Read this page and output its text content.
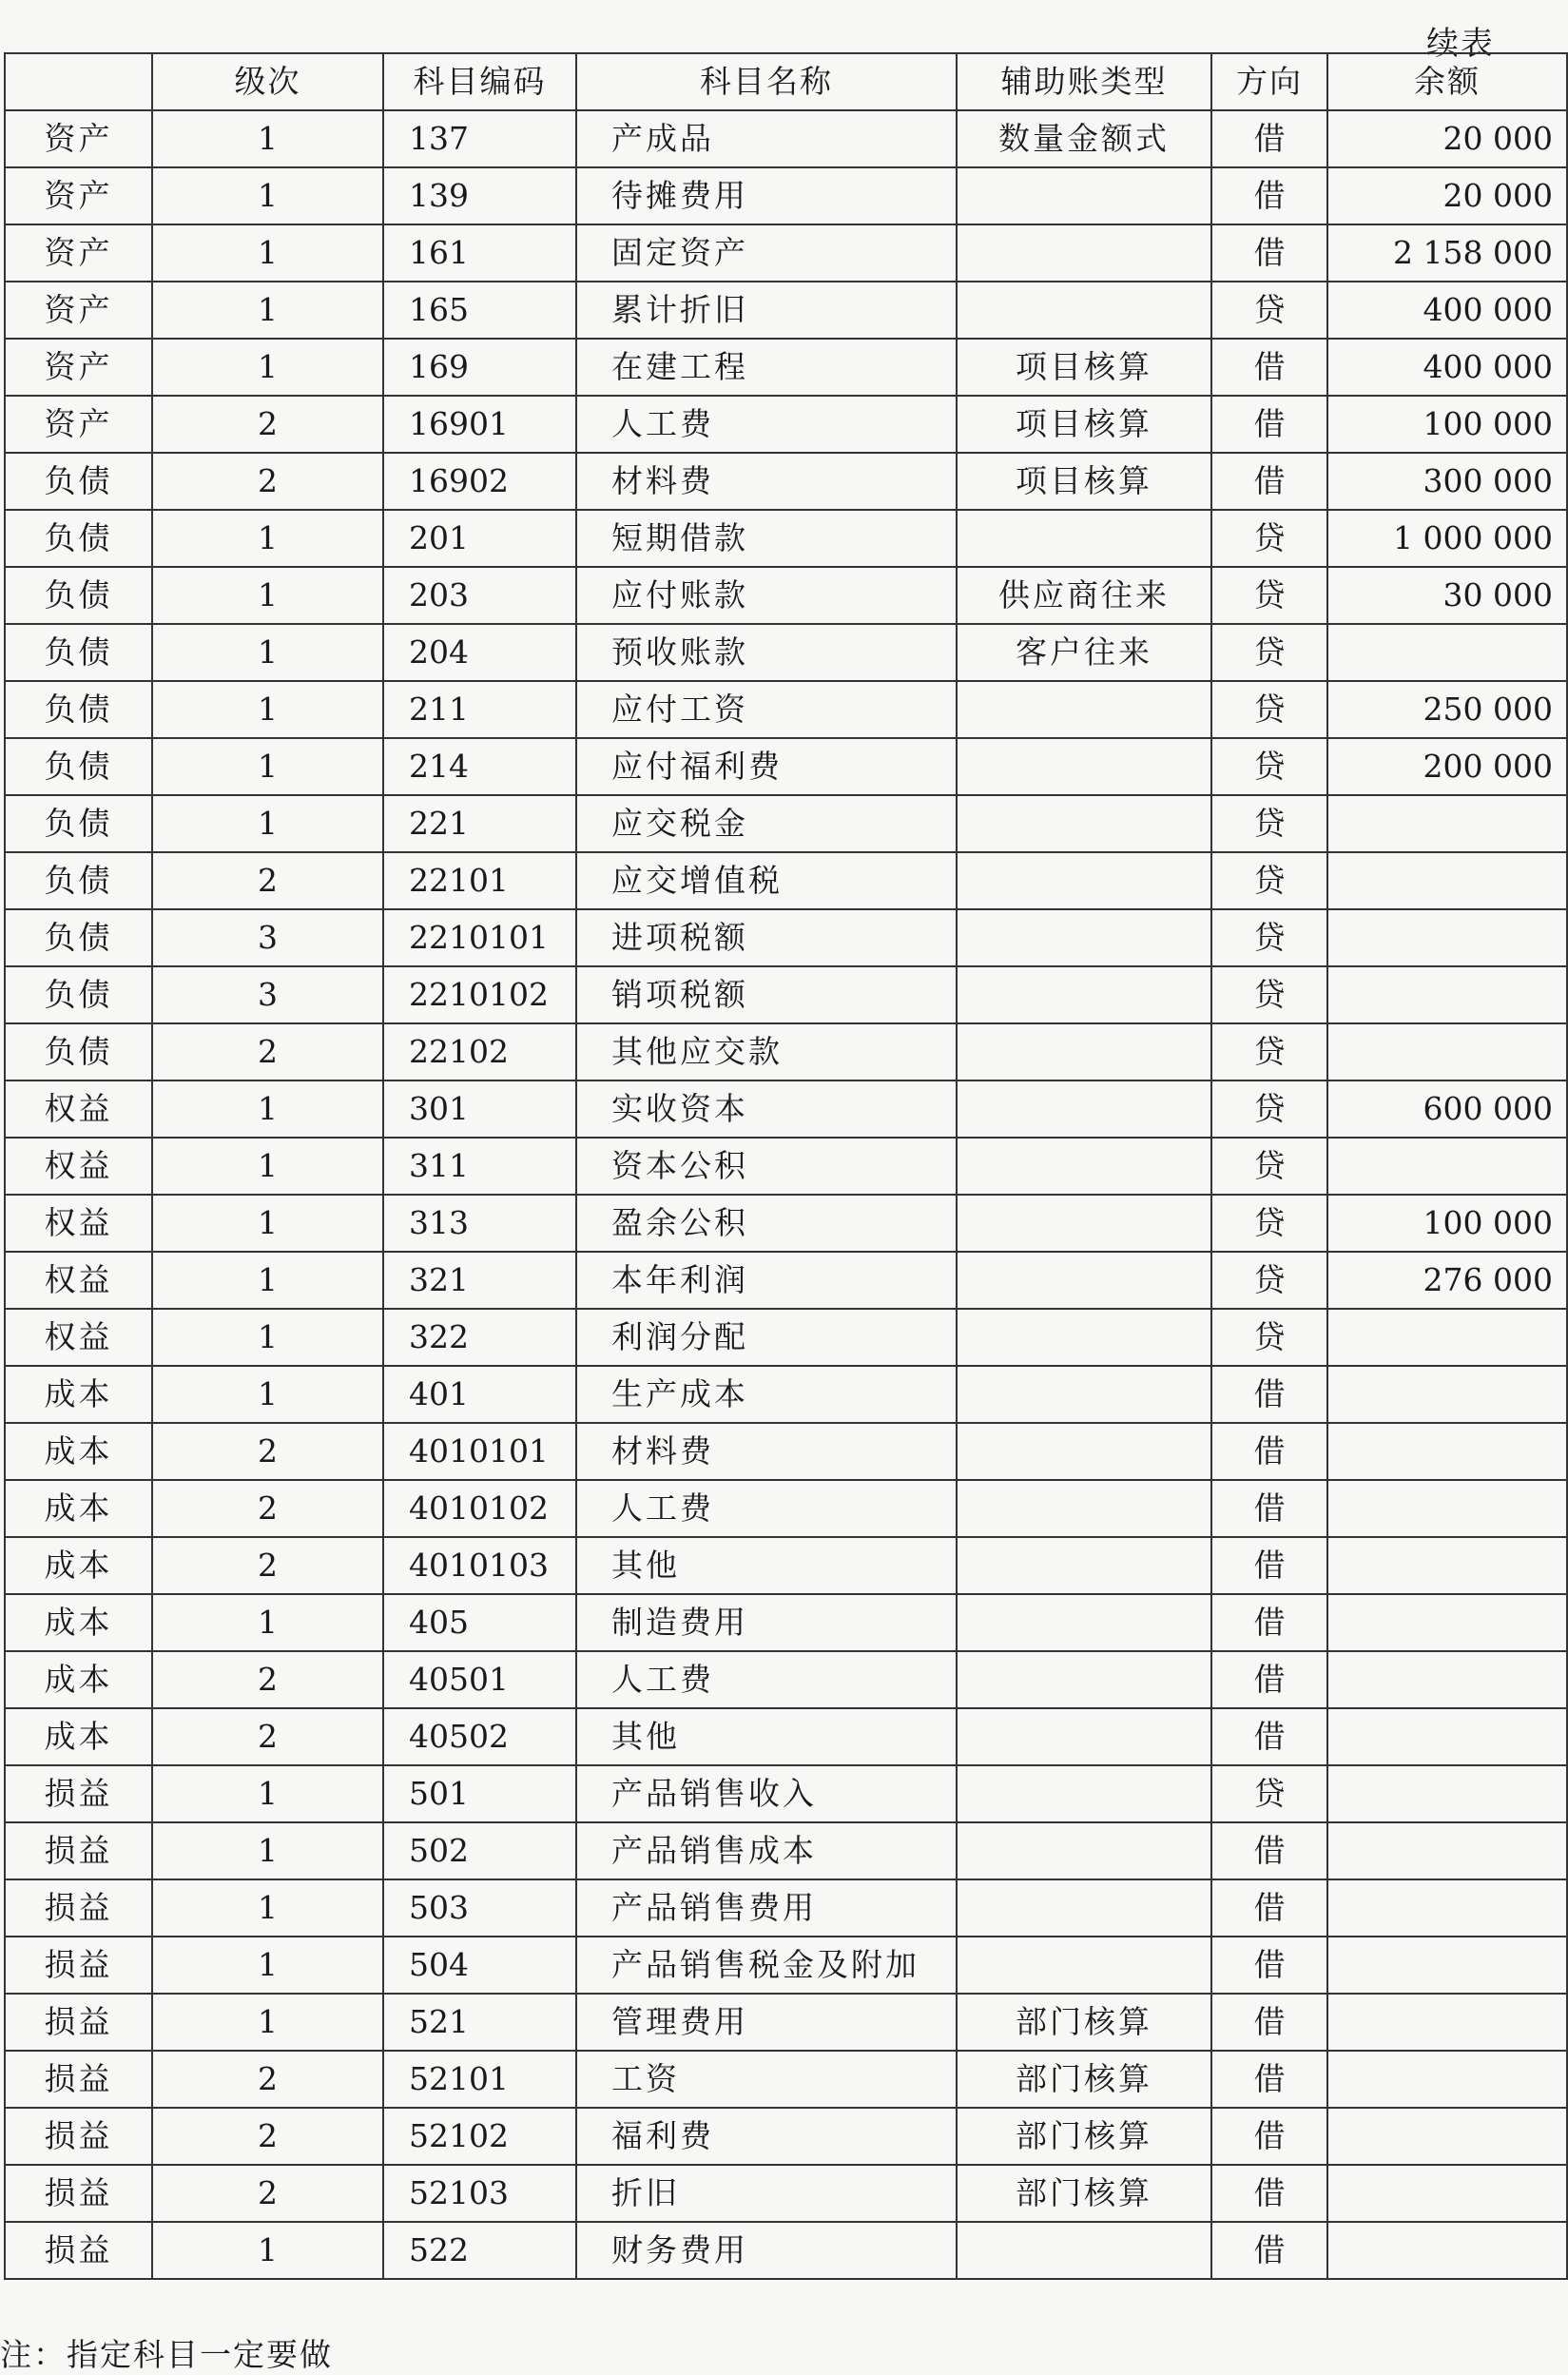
续表
	级次	科目编码	科目名称	辅助账类型	方向	余额
资产	1	137	产成品	数量金额式	借	20 000
资产	1	139	待摊费用		借	20 000
资产	1	161	固定资产		借	2 158 000
资产	1	165	累计折旧		贷	400 000
资产	1	169	在建工程	项目核算	借	400 000
资产	2	16901	人工费	项目核算	借	100 000
负债	2	16902	材料费	项目核算	借	300 000
负债	1	201	短期借款		贷	1 000 000
负债	1	203	应付账款	供应商往来	贷	30 000
负债	1	204	预收账款	客户往来	贷	
负债	1	211	应付工资		贷	250 000
负债	1	214	应付福利费		贷	200 000
负债	1	221	应交税金		贷	
负债	2	22101	应交增值税		贷	
负债	3	2210101	进项税额		贷	
负债	3	2210102	销项税额		贷	
负债	2	22102	其他应交款		贷	
权益	1	301	实收资本		贷	600 000
权益	1	311	资本公积		贷	
权益	1	313	盈余公积		贷	100 000
权益	1	321	本年利润		贷	276 000
权益	1	322	利润分配		贷	
成本	1	401	生产成本		借	
成本	2	4010101	材料费		借	
成本	2	4010102	人工费		借	
成本	2	4010103	其他		借	
成本	1	405	制造费用		借	
成本	2	40501	人工费		借	
成本	2	40502	其他		借	
损益	1	501	产品销售收入		贷	
损益	1	502	产品销售成本		借	
损益	1	503	产品销售费用		借	
损益	1	504	产品销售税金及附加		借	
损益	1	521	管理费用	部门核算	借	
损益	2	52101	工资	部门核算	借	
损益	2	52102	福利费	部门核算	借	
损益	2	52103	折旧	部门核算	借	
损益	1	522	财务费用		借	
注：指定科目一定要做
